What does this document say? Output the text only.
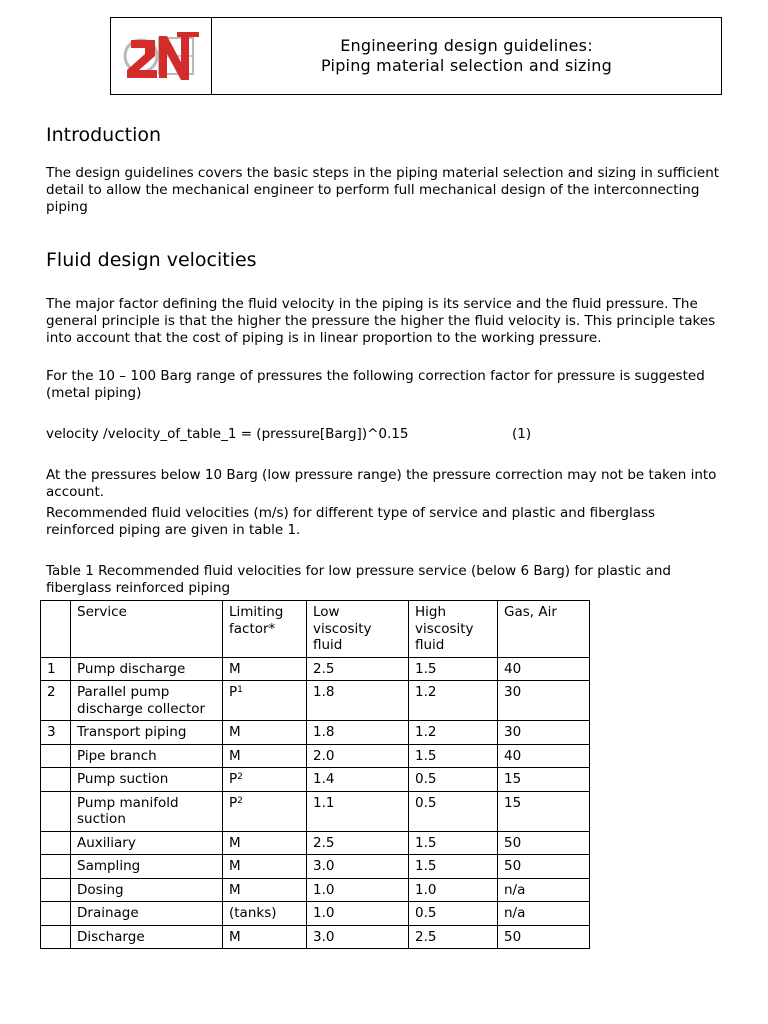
Engineering design guidelines:
Piping material selection and sizing
Introduction

The design guidelines covers the basic steps in the piping material selection and sizing in sufficient detail to allow the mechanical engineer to perform full mechanical design of the interconnecting piping

Fluid design velocities

The major factor defining the fluid velocity in the piping is its service and the fluid pressure. The general principle is that the higher the pressure the higher the fluid velocity is. This principle takes into account that the cost of piping is in linear proportion to the working pressure.

For the 10 – 100 Barg range of pressures the following correction factor for pressure is suggested (metal piping)

velocity /velocity_of_table_1 = (pressure[Barg])^0.15	(1)

At the pressures below 10 Barg (low pressure range) the pressure correction may not be taken into account.

Recommended fluid velocities (m/s) for different type of service and plastic and fiberglass reinforced piping are given in table 1.

Table 1 Recommended fluid velocities for low pressure service (below 6 Barg) for plastic and fiberglass reinforced piping

	Service	Limiting factor*	Low viscosity fluid	High viscosity fluid	Gas, Air
1	Pump discharge	M	2.5	1.5	40
2	Parallel pump discharge collector	$P^1$	1.8	1.2	30
3	Transport piping	M	1.8	1.2	30
	Pipe branch	M	2.0	1.5	40
	Pump suction	$P^2$	1.4	0.5	15
	Pump manifold suction	$P^2$	1.1	0.5	15
	Auxiliary	M	2.5	1.5	50
	Sampling	M	3.0	1.5	50
	Dosing	M	1.0	1.0	n/a
	Drainage	(tanks)	1.0	0.5	n/a
	Discharge	M	3.0	2.5	50
